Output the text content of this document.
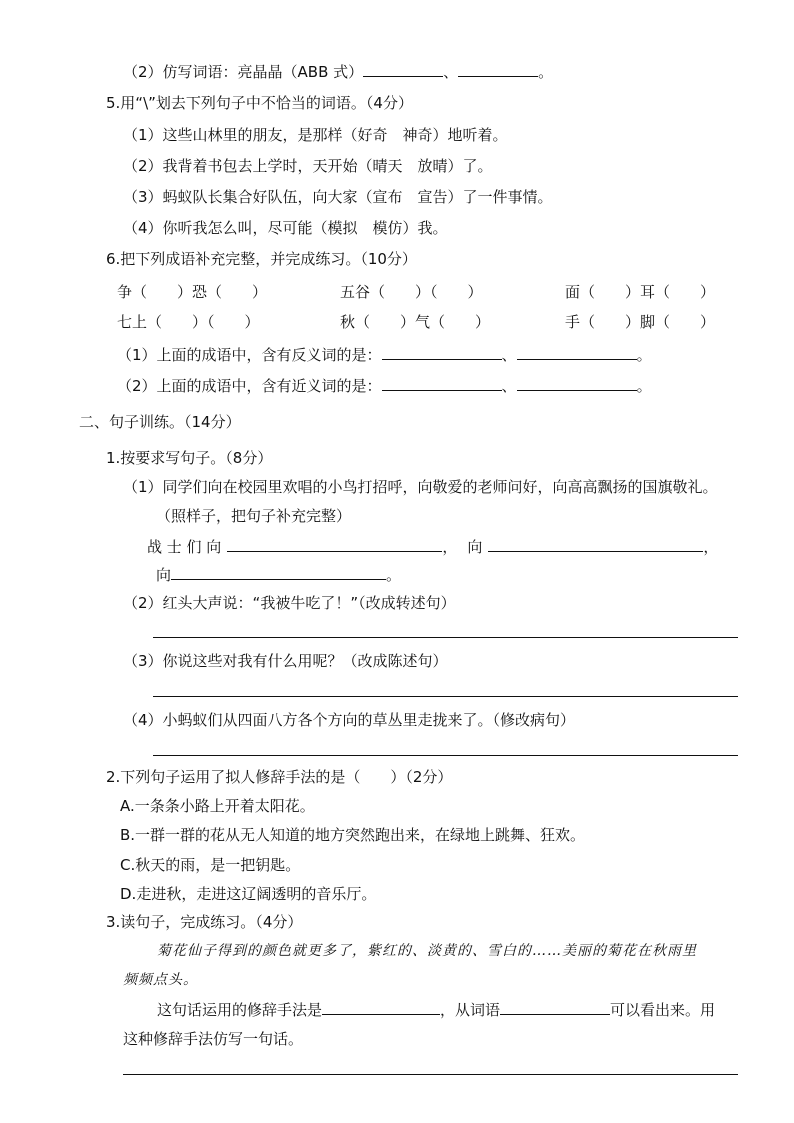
（2）仿写词语：亮晶晶（ABB 式）	、	。
5.用“\”划去下列句子中不恰当的词语。（4分）
（1）这些山林里的朋友，是那样（好奇　神奇）地听着。
（2）我背着书包去上学时，天开始（晴天　放晴）了。
（3）蚂蚁队长集合好队伍，向大家（宣布　宣告）了一件事情。
（4）你听我怎么叫，尽可能（模拟　模仿）我。
6.把下列成语补充完整，并完成练习。（10分）
争（　　）恐（　　）	五谷（　　）（　　）	面（　　）耳（　　）
七上（　　）（　　）	秋（　　）气（　　）	手（　　）脚（　　）
（1）上面的成语中，含有反义词的是：	、	。
（2）上面的成语中，含有近义词的是：	、	。
二、句子训练。（14分）
1.按要求写句子。（8分）
（1）同学们向在校园里欢唱的小鸟打招呼，向敬爱的老师问好，向高高飘扬的国旗敬礼。
（照样子，把句子补充完整）
战 士 们 向	， 向	，
向	。
（2）红头大声说：“我被牛吃了！”（改成转述句）
（3）你说这些对我有什么用呢？（改成陈述句）
（4）小蚂蚁们从四面八方各个方向的草丛里走拢来了。（修改病句）
2.下列句子运用了拟人修辞手法的是（　　）（2分）
A.一条条小路上开着太阳花。
B.一群一群的花从无人知道的地方突然跑出来，在绿地上跳舞、狂欢。
C.秋天的雨，是一把钥匙。
D.走进秋，走进这辽阔透明的音乐厅。
3.读句子，完成练习。（4分）
菊花仙子得到的颜色就更多了，紫红的、淡黄的、雪白的……美丽的菊花在秋雨里
频频点头。
这句话运用的修辞手法是	，从词语	可以看出来。用
这种修辞手法仿写一句话。
